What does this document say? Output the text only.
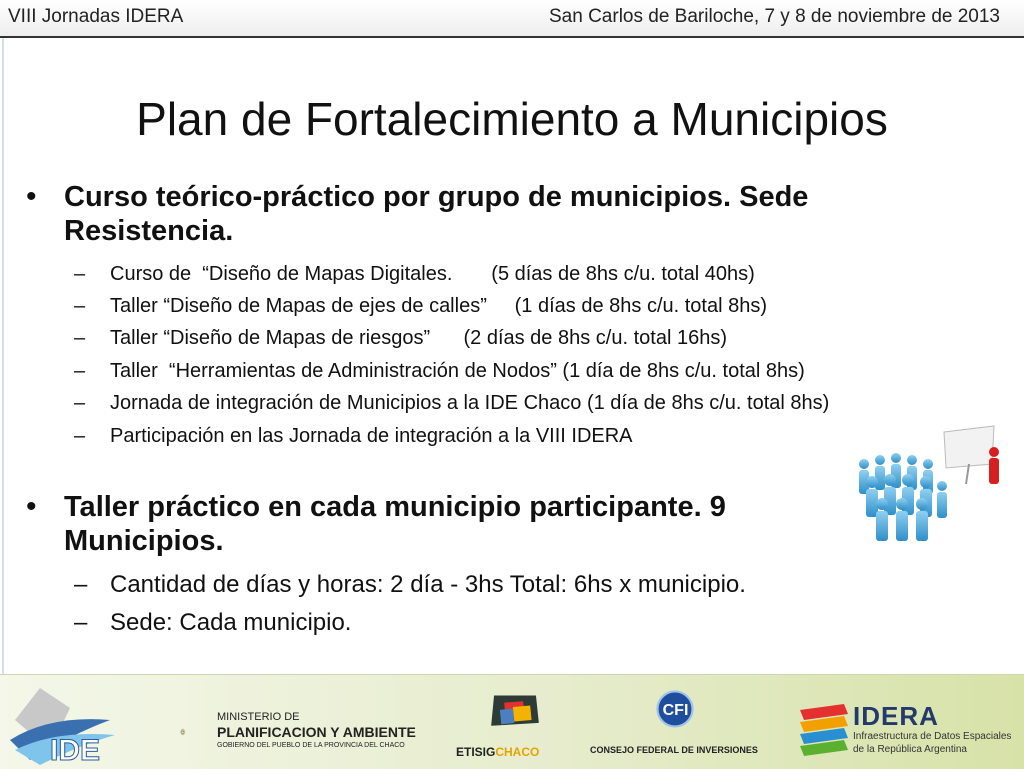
VIII Jornadas IDERA	San Carlos de Bariloche, 7 y 8 de noviembre de 2013
Plan de Fortalecimiento a Municipios
• Curso teórico-práctico por grupo de municipios. Sede
Resistencia.
– Curso de  “Diseño de Mapas Digitales.       (5 días de 8hs c/u. total 40hs)
– Taller “Diseño de Mapas de ejes de calles”     (1 días de 8hs c/u. total 8hs)
– Taller “Diseño de Mapas de riesgos”      (2 días de 8hs c/u. total 16hs)
– Taller  “Herramientas de Administración de Nodos” (1 día de 8hs c/u. total 8hs)
– Jornada de integración de Municipios a la IDE Chaco (1 día de 8hs c/u. total 8hs)
– Participación en las Jornada de integración a la VIII IDERA
• Taller práctico en cada municipio participante. 9
Municipios.
– Cantidad de días y horas: 2 día - 3hs Total: 6hs x municipio.
– Sede: Cada municipio.
IDE
MINISTERIO DE
PLANIFICACION Y AMBIENTE
GOBIERNO DEL PUEBLO DE LA PROVINCIA DEL CHACO	ETISIGCHACO
CFI
CONSEJO FEDERAL DE INVERSIONES
IDERA
Infraestructura de Datos Espaciales
de la República Argentina
